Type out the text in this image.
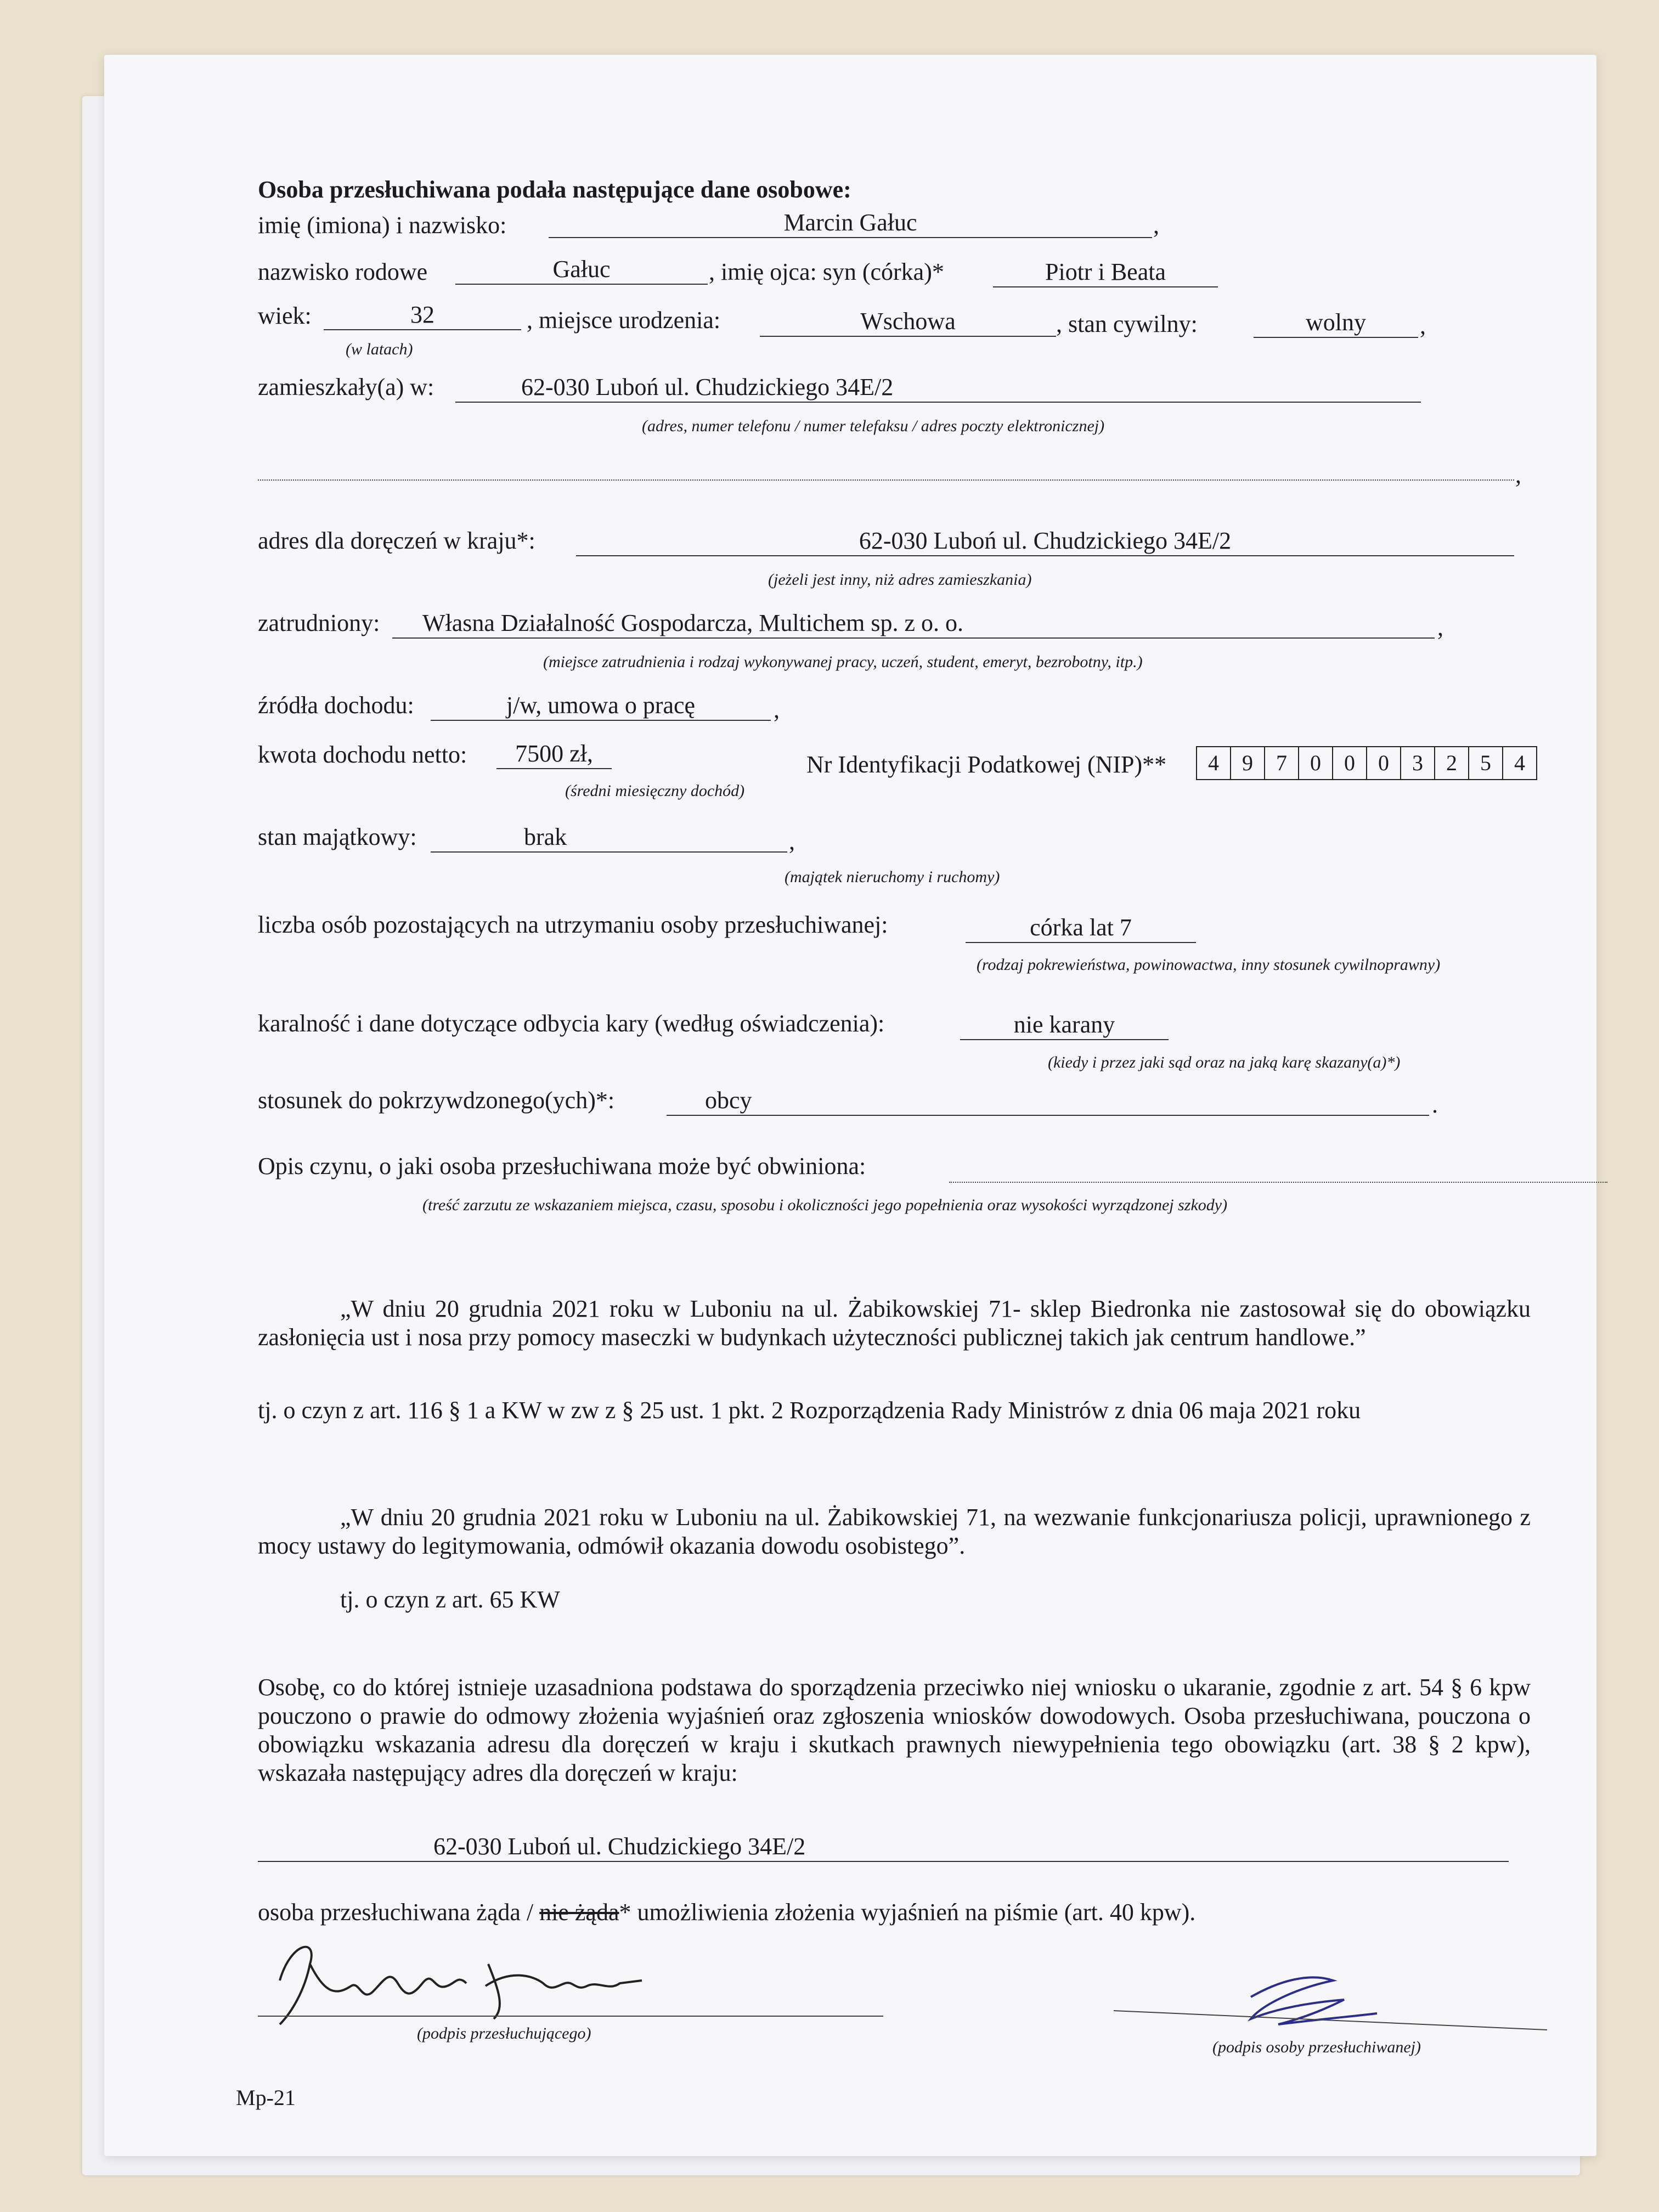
Osoba przesłuchiwana podała następujące dane osobowe:
imię (imiona) i nazwisko:	Marcin Gałuc	,
nazwisko rodowe	Gałuc	, imię ojca: syn (córka)*	Piotr i Beata
wiek:	32
(w latach)
, miejsce urodzenia:	Wschowa	, stan cywilny:	wolny	,
zamieszkały(a) w:	62-030 Luboń ul. Chudzickiego 34E/2
(adres, numer telefonu / numer telefaksu / adres poczty elektronicznej)
,
adres dla doręczeń w kraju*:	62-030 Luboń ul. Chudzickiego 34E/2
(jeżeli jest inny, niż adres zamieszkania)
zatrudniony:	Własna Działalność Gospodarcza, Multichem sp. z o. o.	,
(miejsce zatrudnienia i rodzaj wykonywanej pracy, uczeń, student, emeryt, bezrobotny, itp.)
źródła dochodu:	j/w, umowa o pracę	,
kwota dochodu netto:	7500 zł,
(średni miesięczny dochód)
Nr Identyfikacji Podatkowej (NIP)**	4	9	7	0	0	0	3	2	5	4
stan majątkowy:	brak	,
(majątek nieruchomy i ruchomy)
liczba osób pozostających na utrzymaniu osoby przesłuchiwanej:	córka lat 7
(rodzaj pokrewieństwa, powinowactwa, inny stosunek cywilnoprawny)
karalność i dane dotyczące odbycia kary (według oświadczenia):	nie karany
(kiedy i przez jaki sąd oraz na jaką karę skazany(a)*)
stosunek do pokrzywdzonego(ych)*:	obcy	.
Opis czynu, o jaki osoba przesłuchiwana może być obwiniona:
(treść zarzutu ze wskazaniem miejsca, czasu, sposobu i okoliczności jego popełnienia oraz wysokości wyrządzonej szkody)
„W dniu 20 grudnia 2021 roku w Luboniu na ul. Żabikowskiej 71- sklep Biedronka nie zastosował się do obowiązku zasłonięcia ust i nosa przy pomocy maseczki w budynkach użyteczności publicznej takich jak centrum handlowe.”
tj. o czyn z art. 116 § 1 a KW w zw z § 25 ust. 1 pkt. 2 Rozporządzenia Rady Ministrów z dnia 06 maja 2021 roku
„W dniu 20 grudnia 2021 roku w Luboniu na ul. Żabikowskiej 71, na wezwanie funkcjonariusza policji, uprawnionego z mocy ustawy do legitymowania, odmówił okazania dowodu osobistego”.
tj. o czyn z art. 65 KW
Osobę, co do której istnieje uzasadniona podstawa do sporządzenia przeciwko niej wniosku o ukaranie, zgodnie z art. 54 § 6 kpw pouczono o prawie do odmowy złożenia wyjaśnień oraz zgłoszenia wniosków dowodowych. Osoba przesłuchiwana, pouczona o obowiązku wskazania adresu dla doręczeń w kraju i skutkach prawnych niewypełnienia tego obowiązku (art. 38 § 2 kpw), wskazała następujący adres dla doręczeń w kraju:
62-030 Luboń ul. Chudzickiego 34E/2
osoba przesłuchiwana żąda / nie żąda* umożliwienia złożenia wyjaśnień na piśmie (art. 40 kpw).
(podpis przesłuchującego)
(podpis osoby przesłuchiwanej)
Mp-21
